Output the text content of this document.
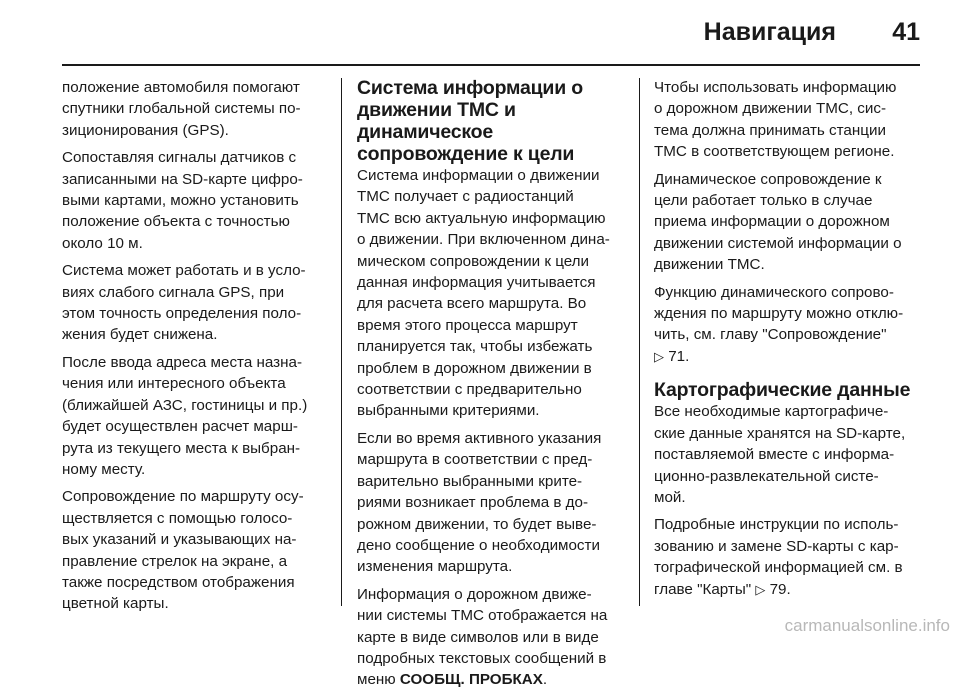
Навигация 41

положение автомобиля помогают
спутники глобальной системы по-
зиционирования (GPS).

Сопоставляя сигналы датчиков с
записанными на SD-карте цифро-
выми картами, можно установить
положение объекта с точностью
около 10 м.

Система может работать и в усло-
виях слабого сигнала GPS, при
этом точность определения поло-
жения будет снижена.

После ввода адреса места назна-
чения или интересного объекта
(ближайшей АЗС, гостиницы и пр.)
будет осуществлен расчет марш-
рута из текущего места к выбран-
ному месту.

Сопровождение по маршруту осу-
ществляется с помощью голосо-
вых указаний и указывающих на-
правление стрелок на экране, а
также посредством отображения
цветной карты.

Система информации о
движении TMC и
динамическое
сопровождение к цели

Система информации о движении
TMC получает с радиостанций
TMC всю актуальную информацию
о движении. При включенном дина-
мическом сопровождении к цели
данная информация учитывается
для расчета всего маршрута. Во
время этого процесса маршрут
планируется так, чтобы избежать
проблем в дорожном движении в
соответствии с предварительно
выбранными критериями.

Если во время активного указания
маршрута в соответствии с пред-
варительно выбранными крите-
риями возникает проблема в до-
рожном движении, то будет выве-
дено сообщение о необходимости
изменения маршрута.

Информация о дорожном движе-
нии системы TMC отображается на
карте в виде символов или в виде
подробных текстовых сообщений в
меню СООБЩ. ПРОБКАХ.

Чтобы использовать информацию
о дорожном движении TMC, сис-
тема должна принимать станции
TMC в соответствующем регионе.

Динамическое сопровождение к
цели работает только в случае
приема информации о дорожном
движении системой информации о
движении TMC.

Функцию динамического сопрово-
ждения по маршруту можно отклю-
чить, см. главу "Сопровождение"
▷ 71.

Картографические данные

Все необходимые картографиче-
ские данные хранятся на SD-карте,
поставляемой вместе с информа-
ционно-развлекательной систе-
мой.

Подробные инструкции по исполь-
зованию и замене SD-карты с кар-
тографической информацией см. в
главе "Карты" ▷ 79.

carmanualsonline.info
